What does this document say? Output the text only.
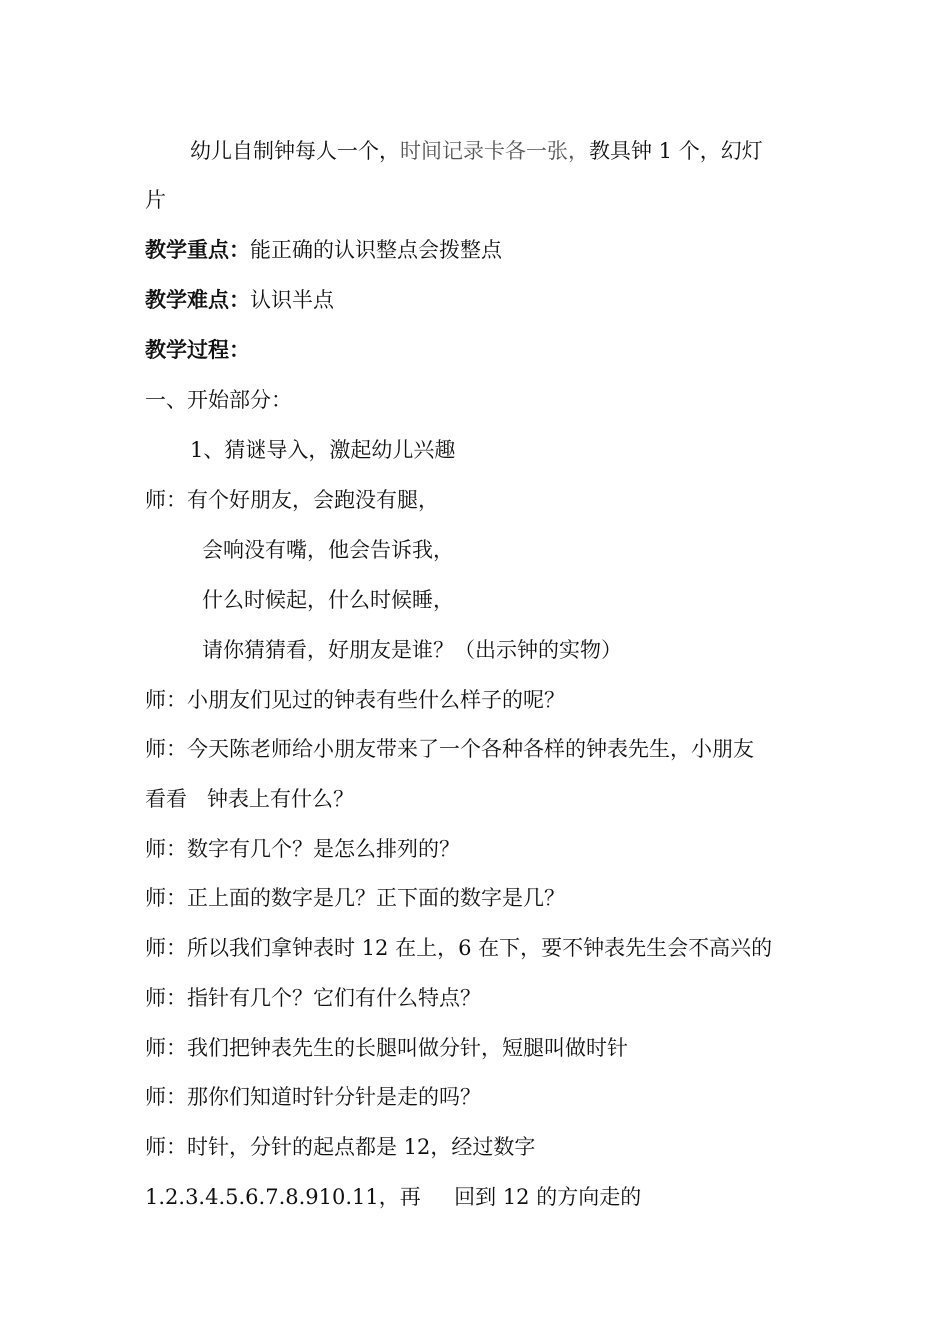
幼儿自制钟每人一个，时间记录卡各一张，教具钟 1 个，幻灯
片
教学重点：能正确的认识整点会拨整点
教学难点：认识半点
教学过程：
一、开始部分：
1、猜谜导入，激起幼儿兴趣
师：有个好朋友，会跑没有腿，
会响没有嘴，他会告诉我，
什么时候起，什么时候睡，
请你猜猜看，好朋友是谁？（出示钟的实物）
师：小朋友们见过的钟表有些什么样子的呢？
师：今天陈老师给小朋友带来了一个各种各样的钟表先生，小朋友
看看   钟表上有什么？
师：数字有几个？是怎么排列的？
师：正上面的数字是几？正下面的数字是几？
师：所以我们拿钟表时 12 在上，6 在下，要不钟表先生会不高兴的
师：指针有几个？它们有什么特点？
师：我们把钟表先生的长腿叫做分针，短腿叫做时针
师：那你们知道时针分针是走的吗？
师：时针，分针的起点都是 12，经过数字
1.2.3.4.5.6.7.8.910.11，再     回到 12 的方向走的
